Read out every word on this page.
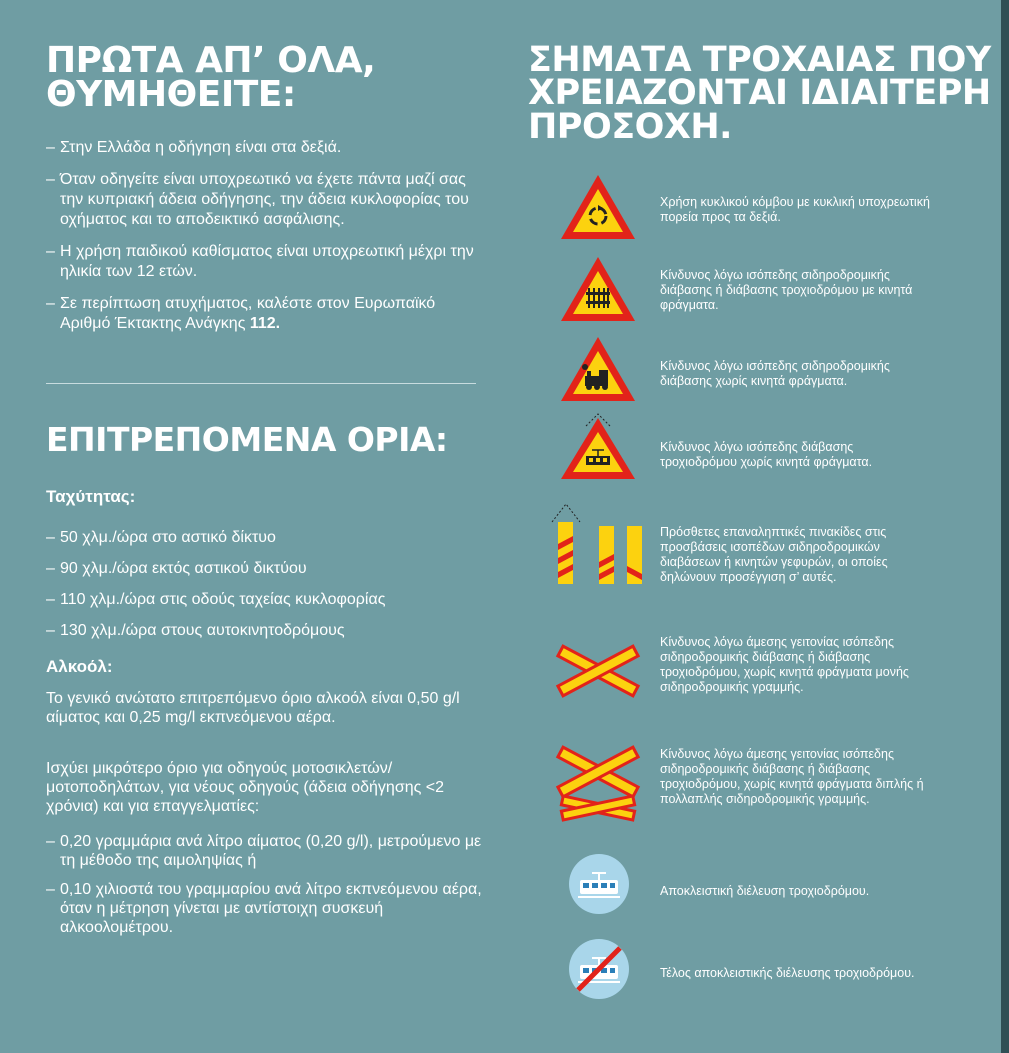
ΠΡΩΤΑ ΑΠ’ ΟΛΑ,
ΘΥΜΗΘΕΙΤΕ:
– Στην Ελλάδα η οδήγηση είναι στα δεξιά.
– Όταν οδηγείτε είναι υποχρεωτικό να έχετε πάντα μαζί σας την κυπριακή άδεια οδήγησης, την άδεια κυκλοφορίας του οχήματος και το αποδεικτικό ασφάλισης.
– Η χρήση παιδικού καθίσματος είναι υποχρεωτική μέχρι την ηλικία των 12 ετών.
– Σε περίπτωση ατυχήματος, καλέστε στον Ευρωπαϊκό Αριθμό Έκτακτης Ανάγκης 112.
ΕΠΙΤΡΕΠΟΜΕΝΑ ΟΡΙΑ:

Ταχύτητας:

– 50 χλμ./ώρα στο αστικό δίκτυο
– 90 χλμ./ώρα εκτός αστικού δικτύου
– 110 χλμ./ώρα στις οδούς ταχείας κυκλοφορίας
– 130 χλμ./ώρα στους αυτοκινητοδρόμους

Αλκοόλ:

Το γενικό ανώτατο επιτρεπόμενο όριο αλκοόλ είναι 0,50 g/l αίματος και 0,25 mg/l εκπνεόμενου αέρα.

Ισχύει μικρότερο όριο για οδηγούς μοτοσικλετών/μοτοποδηλάτων, για νέους οδηγούς (άδεια οδήγησης <2 χρόνια) και για επαγγελματίες:

– 0,20 γραμμάρια ανά λίτρο αίματος (0,20 g/l), μετρούμενο με τη μέθοδο της αιμοληψίας ή
– 0,10 χιλιοστά του γραμμαρίου ανά λίτρο εκπνεόμενου αέρα, όταν η μέτρηση γίνεται με αντίστοιχη συσκευή αλκοολομέτρου.
ΣΗΜΑΤΑ ΤΡΟΧΑΙΑΣ ΠΟΥ
ΧΡΕΙΑΖΟΝΤΑΙ ΙΔΙΑΙΤΕΡΗ
ΠΡΟΣΟΧΗ.

Χρήση κυκλικού κόμβου με κυκλική υποχρεωτική πορεία προς τα δεξιά.

Κίνδυνος λόγω ισόπεδης σιδηροδρομικής διάβασης ή διάβασης τροχιοδρόμου με κινητά φράγματα.

Κίνδυνος λόγω ισόπεδης σιδηροδρομικής διάβασης χωρίς κινητά φράγματα.

Κίνδυνος λόγω ισόπεδης διάβασης τροχιοδρόμου χωρίς κινητά φράγματα.

Πρόσθετες επαναληπτικές πινακίδες στις προσβάσεις ισοπέδων σιδηροδρομικών διαβάσεων ή κινητών γεφυρών, οι οποίες δηλώνουν προσέγγιση σ’ αυτές.

Κίνδυνος λόγω άμεσης γειτονίας ισόπεδης σιδηροδρομικής διάβασης ή διάβασης τροχιοδρόμου, χωρίς κινητά φράγματα μονής σιδηροδρομικής γραμμής.

Κίνδυνος λόγω άμεσης γειτονίας ισόπεδης σιδηροδρομικής διάβασης ή διάβασης τροχιοδρόμου, χωρίς κινητά φράγματα διπλής ή πολλαπλής σιδηροδρομικής γραμμής.

Αποκλειστική διέλευση τροχιοδρόμου.

Τέλος αποκλειστικής διέλευσης τροχιοδρόμου.
